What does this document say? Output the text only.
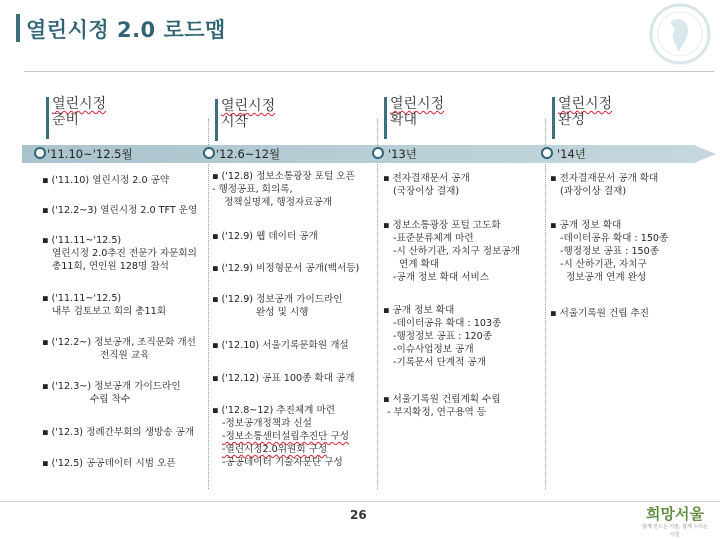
열린시정 2.0 로드맵
열린시정
준비
열린시정
시작
열린시정
확대
열린시정
완성
'11.10~'12.5월	'12.6~12월	'13년	'14년
▪ ('11.10) 열린시정 2.0 공약
▪ ('12.2~3) 열린시정 2.0 TFT 운영
▪ ('11.11~'12.5)
열린시정 2.0추진 전문가 자문회의
총11회, 연인원 128명 참석
▪ ('11.11~'12.5)
내부 검토보고 회의 총11회
▪ ('12.2~) 정보공개, 조직문화 개선
전직원 교육
▪ ('12.3~) 정보공개 가이드라인
수립 착수
▪ ('12.3) 정례간부회의 생방송 공개
▪ ('12.5) 공공데이터 시범 오픈
▪ ('12.8) 정보소통광장 포털 오픈
- 행정공표, 회의록,
정책실명제, 행정자료공개
▪ ('12.9) 웹 데이터 공개
▪ ('12.9) 비정형문서 공개(백서등)
▪ ('12.9) 정보공개 가이드라인
완성 및 시행
▪ ('12.10) 서울기록문화원 개설
▪ ('12.12) 공표 100종 확대 공개
▪ ('12.8~12) 추진체계 마련
-정보공개정책과 신설
-정보소통센터설립추진단 구성
-열린시정2.0위원회 구성
-공공데이터 기술자문단 구성
▪ 전자결재문서 공개
(국장이상 결재)
▪ 정보소통광장 포털 고도화
-표준분류체계 마련
-시 산하기관, 자치구 정보공개
연계 확대
-공개 정보 확대 서비스
▪ 공개 정보 확대
-데이터공유 확대 : 103종
-행정정보 공표 : 120종
-이슈사업정보 공개
-기록문서 단계적 공개
▪ 서울기록원 건립계획 수립
- 부지확정, 연구용역 등
▪ 전자결재문서 공개 확대
(과장이상 결재)
▪ 공개 정보 확대
-데이터공유 확대 : 150종
-행정정보 공표 : 150종
-시 산하기관, 자치구
정보공개 연계 완성
▪ 서울기록원 건립 추진
26	희망서울
함께 만드는 서울, 함께 누리는 서울
